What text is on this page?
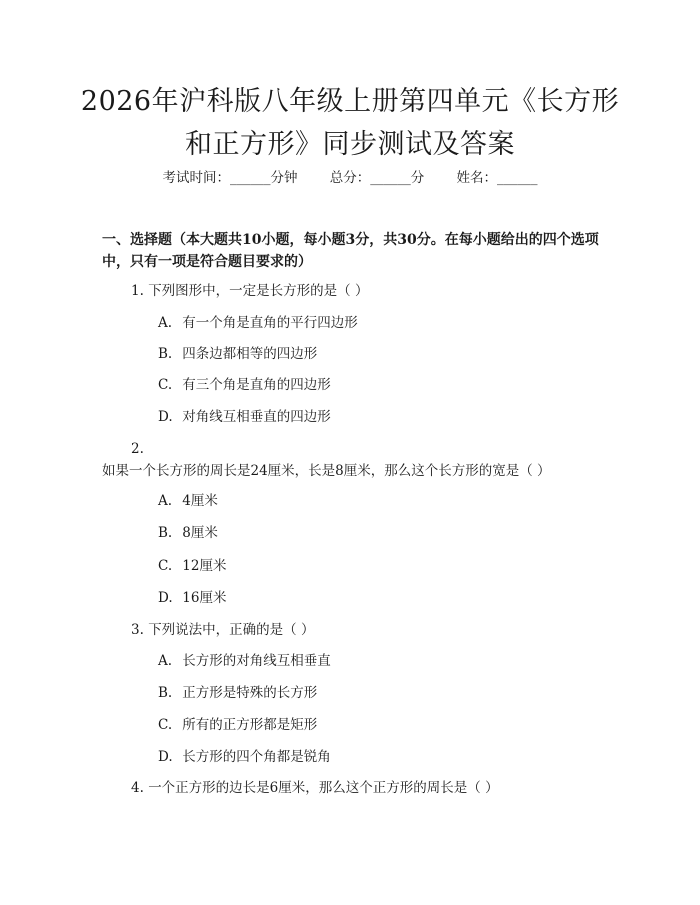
2026年沪科版八年级上册第四单元《长方形
和正方形》同步测试及答案
考试时间：______分钟 总分：______分 姓名：______
一、选择题（本大题共10小题，每小题3分，共30分。在每小题给出的四个选项中，只有一项是符合题目要求的）
1. 下列图形中，一定是长方形的是（ ）
A. 有一个角是直角的平行四边形
B. 四条边都相等的四边形
C. 有三个角是直角的四边形
D. 对角线互相垂直的四边形
2. 如果一个长方形的周长是24厘米，长是8厘米，那么这个长方形的宽是（ ）
A. 4厘米
B. 8厘米
C. 12厘米
D. 16厘米
3. 下列说法中，正确的是（ ）
A. 长方形的对角线互相垂直
B. 正方形是特殊的长方形
C. 所有的正方形都是矩形
D. 长方形的四个角都是锐角
4. 一个正方形的边长是6厘米，那么这个正方形的周长是（ ）
